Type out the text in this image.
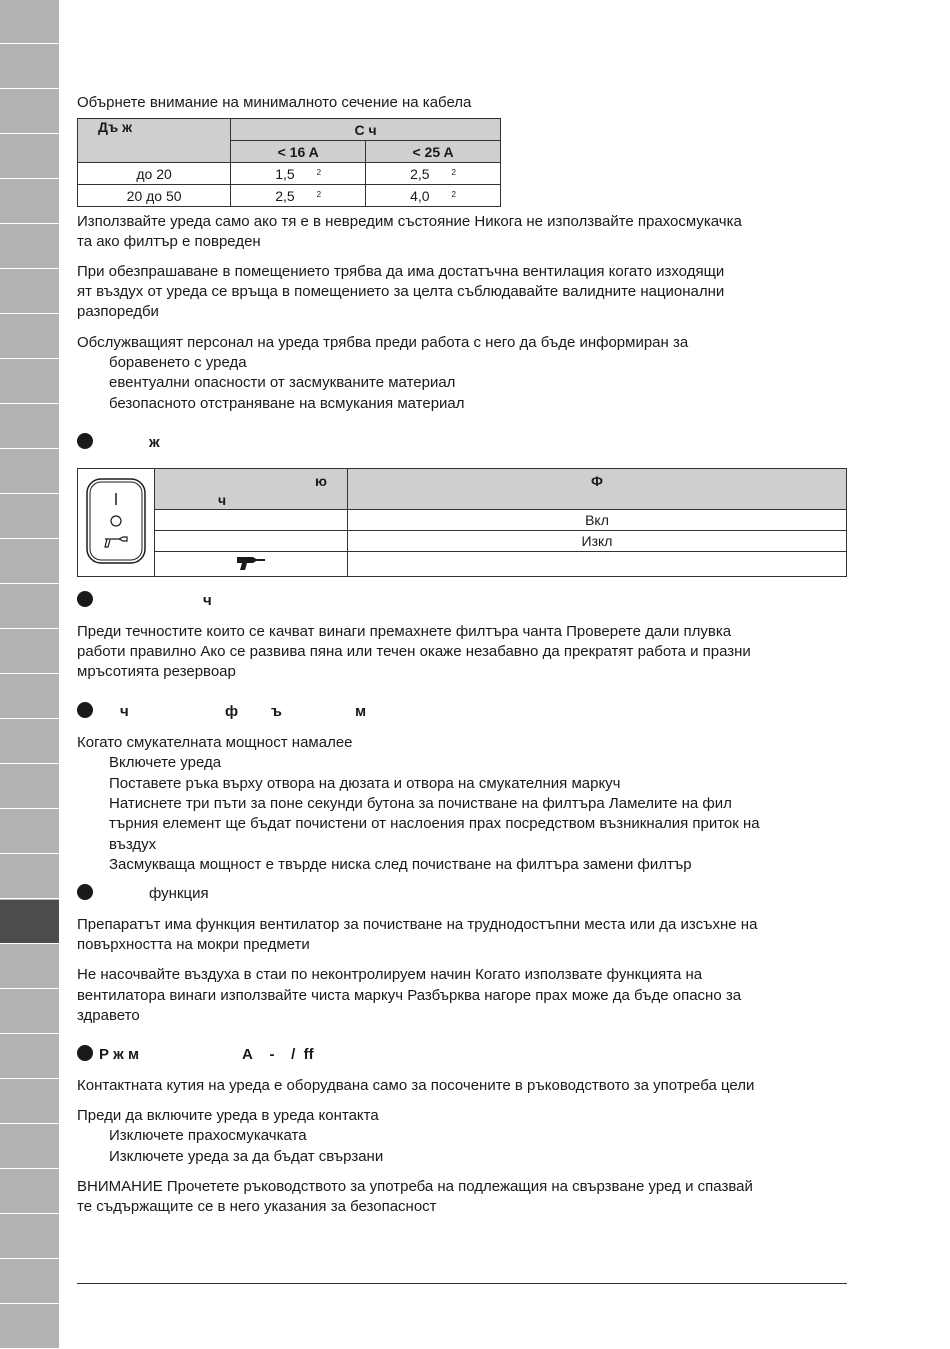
Обърнете внимание на минималното сечение на кабела

Дъ ж	С ч	
	< 16 A	< 25 A
до 20	1,5 $^2$	2,5 $^2$
20 до 50	2,5 $^2$	4,0 $^2$

Използвайте уреда само ако тя е в невредим състояние Никога не използвайте прахосмукачка

та ако филтър е повреден

При обезпрашаване в помещението трябва да има достатъчна вентилация когато изходящи

ят въздух от уреда се връща в помещението за целта съблюдавайте валидните национални

разпоредби

Обслужващият персонал на уреда трябва преди работа с него да бъде информиран за

боравенето с уреда

евентуални опасности от засмукваните материал

безопасното отстраняване на всмукания материал

ж

ю
ч	Ф
		Вкл
		Изкл

ч

Преди течностите които се качват винаги премахнете филтъра чанта Проверете дали плувка

работи правилно Ако се развива пяна или течен окаже незабавно да прекратят работа и празни

мръсотията резервоар

ч	ф ъ	м

Когато смукателната мощност намалее

Включете уреда

Поставете ръка върху отвора на дюзата и отвора на смукателния маркуч

Натиснете три пъти за поне секунди бутона за почистване на филтъра Ламелите на фил

търния елемент ще бъдат почистени от наслоения прах посредством възникналия приток на

въздух

Засмукваща мощност е твърде ниска след почистване на филтъра замени филтър

функция

Препаратът има функция вентилатор за почистване на труднодостъпни места или да изсъхне на

повърхността на мокри предмети

Не насочвайте въздуха в стаи по неконтролируем начин Когато използвате функцията на

вентилатора винаги използвайте чиста маркуч Разбърква нагоре прах може да бъде опасно за

здравето

Р ж м	А    -    /  ff

Контактната кутия на уреда е оборудвана само за посочените в ръководството за употреба цели

Преди да включите уреда в уреда контакта

Изключете прахосмукачката

Изключете уреда за да бъдат свързани

ВНИМАНИЕ Прочетете ръководството за употреба на подлежащия на свързване уред и спазвай

те съдържащите се в него указания за безопасност
